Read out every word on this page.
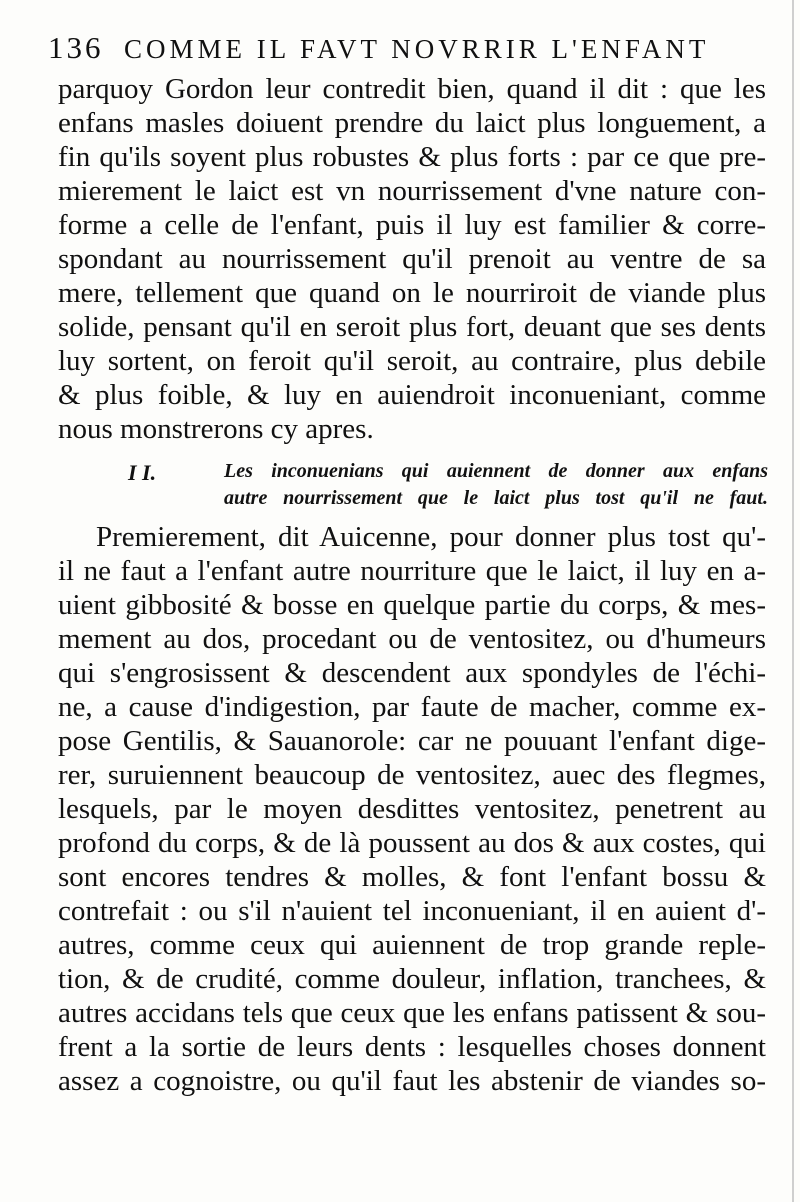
136 COMME IL FAVT NOVRRIR L'ENFANT
parquoy Gordon leur contredit bien, quand il dit : que les
enfans masles doiuent prendre du laict plus longuement, a
fin qu'ils soyent plus robustes & plus forts : par ce que pre-
mierement le laict est vn nourrissement d'vne nature con-
forme a celle de l'enfant, puis il luy est familier & corre-
spondant au nourrissement qu'il prenoit au ventre de sa
mere, tellement que quand on le nourriroit de viande plus
solide, pensant qu'il en seroit plus fort, deuant que ses dents
luy sortent, on feroit qu'il seroit, au contraire, plus debile
& plus foible, & luy en auiendroit inconueniant, comme
nous monstrerons cy apres.
I I.	Les inconuenians qui auiennent de donner aux enfans
autre nourrissement que le laict plus tost qu'il ne faut.
Premierement, dit Auicenne, pour donner plus tost qu'-
il ne faut a l'enfant autre nourriture que le laict, il luy en a-
uient gibbosité & bosse en quelque partie du corps, & mes-
mement au dos, procedant ou de ventositez, ou d'humeurs
qui s'engrosissent & descendent aux spondyles de l'échi-
ne, a cause d'indigestion, par faute de macher, comme ex-
pose Gentilis, & Sauanorole: car ne pouuant l'enfant dige-
rer, suruiennent beaucoup de ventositez, auec des flegmes,
lesquels, par le moyen desdittes ventositez, penetrent au
profond du corps, & de là poussent au dos & aux costes, qui
sont encores tendres & molles, & font l'enfant bossu &
contrefait : ou s'il n'auient tel inconueniant, il en auient d'-
autres, comme ceux qui auiennent de trop grande reple-
tion, & de crudité, comme douleur, inflation, tranchees, &
autres accidans tels que ceux que les enfans patissent & sou-
frent a la sortie de leurs dents : lesquelles choses donnent
assez a cognoistre, ou qu'il faut les abstenir de viandes so-
